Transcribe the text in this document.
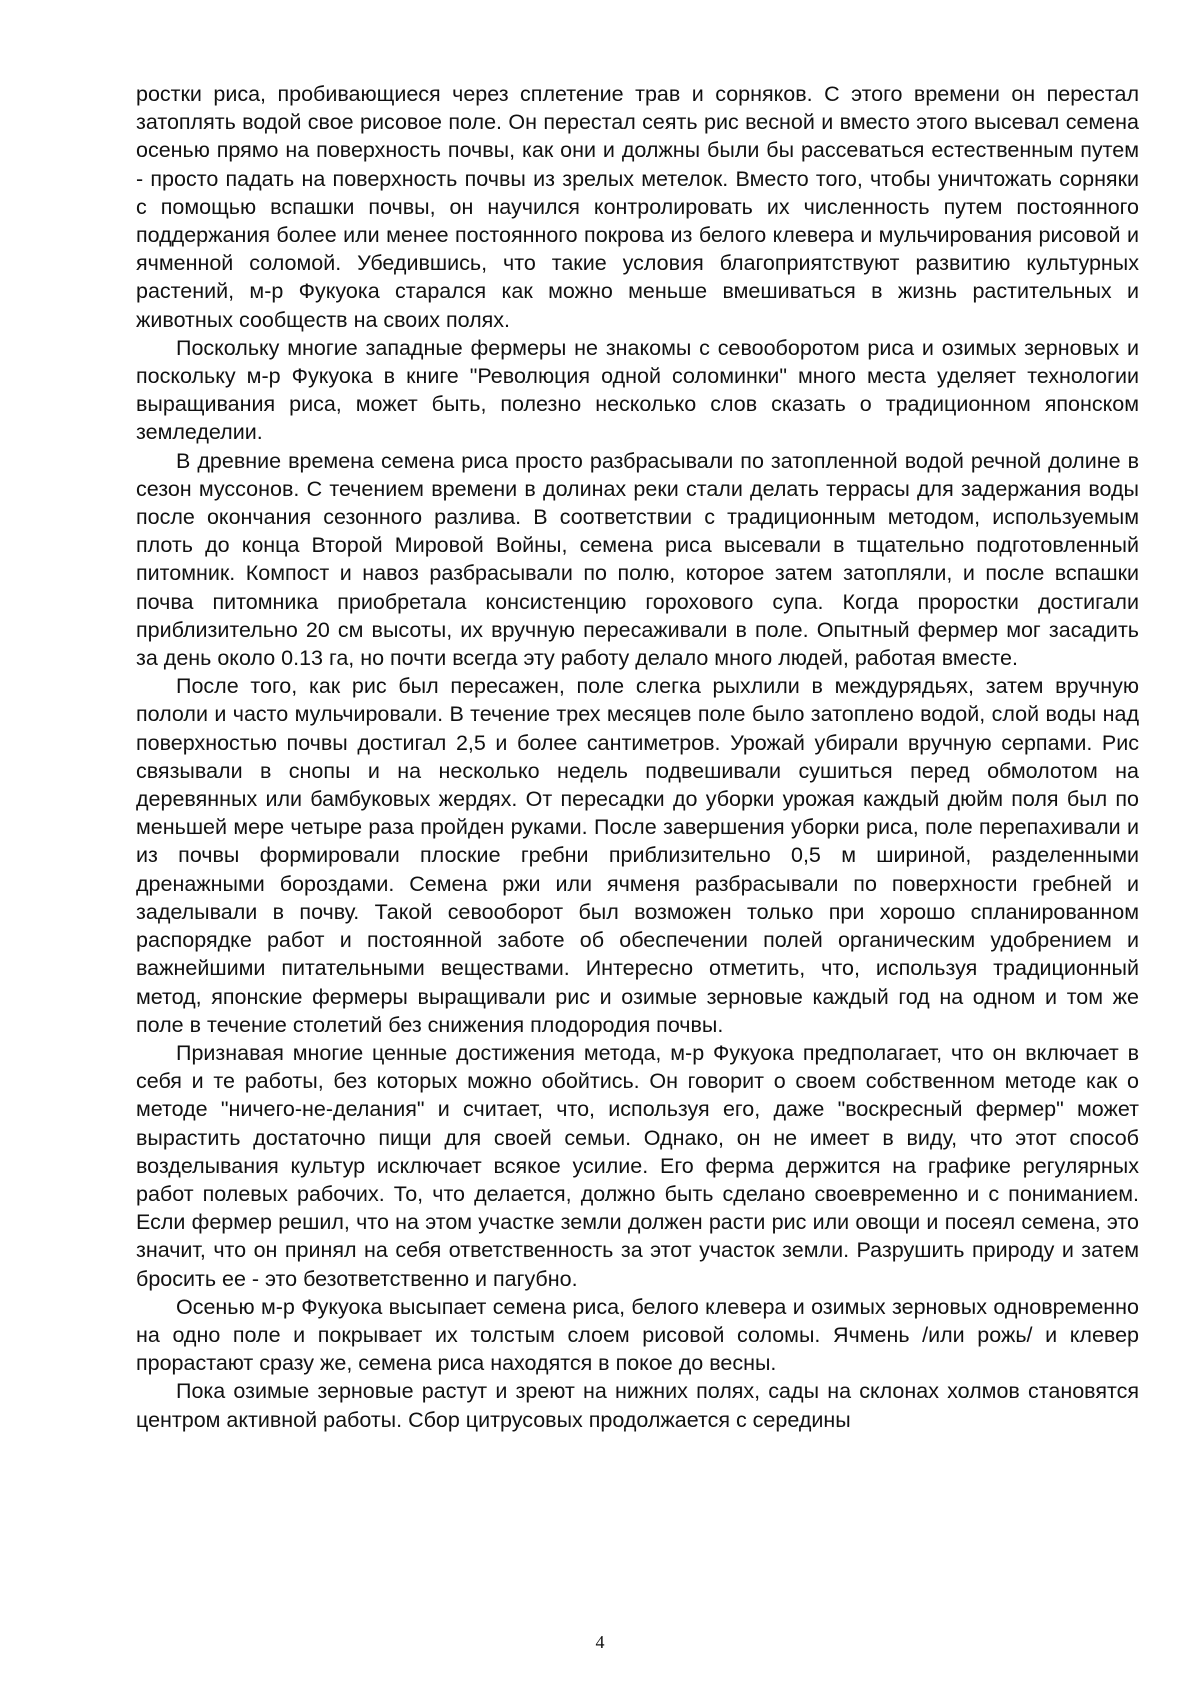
ростки риса, пробивающиеся через сплетение трав и сорняков. С этого времени он перестал затоплять водой свое рисовое поле. Он перестал сеять рис весной и вместо этого высевал семена осенью прямо на поверхность почвы, как они и должны были бы рассеваться естественным путем - просто падать на поверхность почвы из зрелых метелок. Вместо того, чтобы уничтожать сорняки с помощью вспашки почвы, он научился контролировать их численность путем постоянного поддержания более или менее постоянного покрова из белого клевера и мульчирования рисовой и ячменной соломой. Убедившись, что такие условия благоприятствуют развитию культурных растений, м-р Фукуока старался как можно меньше вмешиваться в жизнь растительных и животных сообществ на своих полях.

Поскольку многие западные фермеры не знакомы с севооборотом риса и озимых зерновых и поскольку м-р Фукуока в книге "Революция одной соломинки" много места уделяет технологии выращивания риса, может быть, полезно несколько слов сказать о традиционном японском земледелии.

В древние времена семена риса просто разбрасывали по затопленной водой речной долине в сезон муссонов. С течением времени в долинах реки стали делать террасы для задержания воды после окончания сезонного разлива. В соответствии с традиционным методом, используемым плоть до конца Второй Мировой Войны, семена риса высевали в тщательно подготовленный питомник. Компост и навоз разбрасывали по полю, которое затем затопляли, и после вспашки почва питомника приобретала консистенцию горохового супа. Когда проростки достигали приблизительно 20 см высоты, их вручную пересаживали в поле. Опытный фермер мог засадить за день около 0.13 га, но почти всегда эту работу делало много людей, работая вместе.

После того, как рис был пересажен, поле слегка рыхлили в междурядьях, затем вручную пололи и часто мульчировали. В течение трех месяцев поле было затоплено водой, слой воды над поверхностью почвы достигал 2,5 и более сантиметров. Урожай убирали вручную серпами. Рис связывали в снопы и на несколько недель подвешивали сушиться перед обмолотом на деревянных или бамбуковых жердях. От пересадки до уборки урожая каждый дюйм поля был по меньшей мере четыре раза пройден руками. После завершения уборки риса, поле перепахивали и из почвы формировали плоские гребни приблизительно 0,5 м шириной, разделенными дренажными бороздами. Семена ржи или ячменя разбрасывали по поверхности гребней и заделывали в почву. Такой севооборот был возможен только при хорошо спланированном распорядке работ и постоянной заботе об обеспечении полей органическим удобрением и важнейшими питательными веществами. Интересно отметить, что, используя традиционный метод, японские фермеры выращивали рис и озимые зерновые каждый год на одном и том же поле в течение столетий без снижения плодородия почвы.

Признавая многие ценные достижения метода, м-р Фукуока предполагает, что он включает в себя и те работы, без которых можно обойтись. Он говорит о своем собственном методе как о методе "ничего-не-делания" и считает, что, используя его, даже "воскресный фермер" может вырастить достаточно пищи для своей семьи. Однако, он не имеет в виду, что этот способ возделывания культур исключает всякое усилие. Его ферма держится на графике регулярных работ полевых рабочих. То, что делается, должно быть сделано своевременно и с пониманием. Если фермер решил, что на этом участке земли должен расти рис или овощи и посеял семена, это значит, что он принял на себя ответственность за этот участок земли. Разрушить природу и затем бросить ее - это безответственно и пагубно.

Осенью м-р Фукуока высыпает семена риса, белого клевера и озимых зерновых одновременно на одно поле и покрывает их толстым слоем рисовой соломы. Ячмень /или рожь/ и клевер прорастают сразу же, семена риса находятся в покое до весны.

Пока озимые зерновые растут и зреют на нижних полях, сады на склонах холмов становятся центром активной работы. Сбор цитрусовых продолжается с середины

4
